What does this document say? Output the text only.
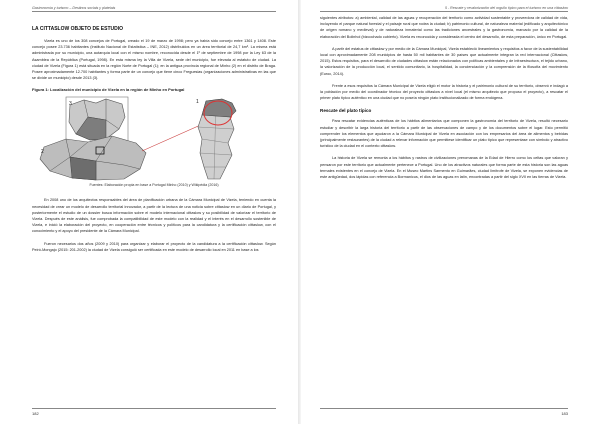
Gastronomía y turismo – Destinos sociais y plateiais
LA CITTASLOW OBJETO DE ESTUDIO

Vizela es uno de los 308 concejos de Portugal, creado el 19 de marzo de 1998; pero ya había sido concejo entre 1361 y 1408. Este concejo posee 23.736 habitantes (Instituto Nacional de Estatística – INE, 2012) distribuidos en un área territorial de 24,7 km². La misma está administrada por su municipio, una autarquía local con el mismo nombre, reconocida desde el 1º de septiembre de 1998 por la Ley 63 de la Asamblea de la República (Portugal, 1998). En esta misma ley la Villa de Vizela, sede del municipio, fue elevada al estatuto de ciudad. La ciudad de Vizela (Figura 1) está situada en la región Norte de Portugal (1); en la antigua provincia regional de Minho (2) en el distrito de Braga. Posee aproximadamente 12.700 habitantes y forma parte de un concejo que tiene cinco Freguesias (organizaciones administrativas en las que se divide un municipio) desde 2013 (3).

Figura 1: Localización del municipio de Vizela en la región de Minho en Portugal
3
2
1
Fuentes: Elaboración propia en base a Portugal Minho (2010) y Wikipédia (2016)

En 2008 uno de los arquitectos responsables del área de planificación urbana de la Cámara Municipal de Vizela, teniendo en cuenta la necesidad de crear un modelo de desarrollo territorial innovador, a partir de la lectura de una noticia sobre cittaslow en un diario de Portugal, y posteriormente el estudio de un dossier busca información sobre el modelo internacional cittaslow y su posibilidad de valorizar el territorio de Vizela. Después de este análisis, fue comprobada la compatibilidad de este modelo con la realidad y el interés en el desarrollo sostenible de Vizela, e inició la elaboración del proyecto, en cooperación entre técnicos y políticos para la candidatura y la certificación cittaslow, con el conocimiento y el apoyo del presidente de la Cámara Municipal.

Fueron necesarios dos años (2009 y 2010) para organizar y elaborar el proyecto de la candidatura a la certificación cittaslow. Según Peiró-Mongajo (2015: 201-2002) la ciudad de Vizela consiguió ser certificada en este modelo de desarrollo local en 2011 en base a los

182
5 - Rescate y revalorización del orgullo típico para el turismo en una cittaslow

siguientes atributos: a) ambiental, calidad de las aguas y recuperación del territorio como actividad sustentable y proveedora de calidad de vida, incluyendo el parque natural forestal y el paisaje rural que rodea la ciudad; b) patrimonio cultural, de naturaleza material (edificado y arquitectónico de origen romano y medieval) y de naturaleza inmaterial como las tradiciones ancestrales y la gastronomía, marcado por la calidad de la elaboración del Bolinhol (bizcochado cubierto). Vizela es reconocida y considerada el centro del desarrollo, de esta preparación, único en Portugal.

A partir del estatus de cittaslow y por medio de la Cámara Municipal, Vizela estableció lineamientos y requisitos a favor de la sustentabilidad local con aproximadamente 208 municipios de hasta 50 mil habitantes de 30 países que actualmente integran la red internacional (Cittaslow, 2015). Estos requisitos, para el desarrollo de ciudades cittaslow están relacionados con políticas ambientales y de infraestructura, el tejido urbano, la valorización de la producción local, el sentido comunitario, la hospitalidad, la concienciación y la comprensión de la filosofía del movimiento (Euroc, 2014).

Frente a esos requisitos la Cámara Municipal de Vizela eligió el motor la historia y el patrimonio cultural de su territorio, observó e indagó a la población por medio del coordinador técnico del proyecto cittaslow a nivel local (el mismo arquitecto que propuso el proyecto), a rescatar el primer plato típico auténtico en una ciudad que no poseía ningún plato institucionalizado de forma endógena.

Rescate del plato típico

Para rescatar evidencias auténticas de los hábitos alimentarios que componen la gastronomía del territorio de Vizela, resultó necesario estudiar y describir la larga historia del territorio a partir de las observaciones de campo y de los documentos sobre el lugar. Esto permitió comprender los elementos que ayudaron a la Cámara Municipal de Vizela en asociación con los empresarios del área de alimentos y bebidas (principalmente restaurantes) de la ciudad a relevar información que permitiese identificar un plato típico que representase con símbolo y atractivo turístico de la ciudad en el contexto cittaslow.

La historia de Vizela se remonta a los hábitos y rastros de civilizaciones preromanas de la Edad de Hierro como los celtas que valoran y pensaron por este territorio que actualmente pertenece a Portugal. Uno de los atractivos naturales que forma parte de esta historia son las aguas termales existentes en el concejo de Vizela. En el Museo Martins Sarmento en Guimarães, ciudad limítrofe de Vizela, se exponen evidencias de este antigüedad, dos lápidas con referencia a Bormanicus, el dios de las aguas en latín, encontradas a partir del siglo XVII en las tierras de Vizela.

183
